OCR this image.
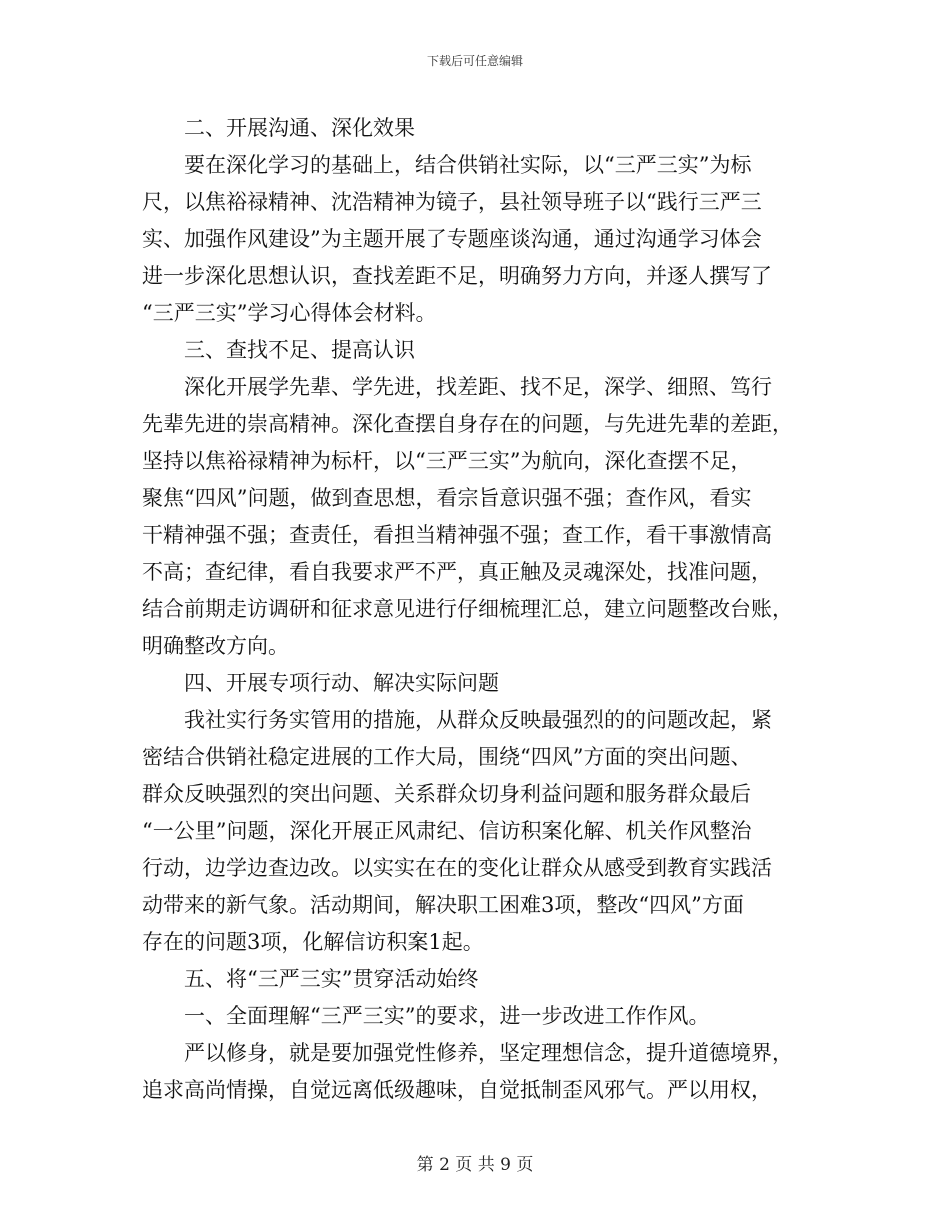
下载后可任意编辑
二、开展沟通、深化效果
要在深化学习的基础上，结合供销社实际，以“三严三实”为标
尺，以焦裕禄精神、沈浩精神为镜子，县社领导班子以“践行三严三
实、加强作风建设”为主题开展了专题座谈沟通，通过沟通学习体会
进一步深化思想认识，查找差距不足，明确努力方向，并逐人撰写了
“三严三实”学习心得体会材料。
三、查找不足、提高认识
深化开展学先辈、学先进，找差距、找不足，深学、细照、笃行
先辈先进的崇高精神。深化查摆自身存在的问题，与先进先辈的差距，
坚持以焦裕禄精神为标杆，以“三严三实”为航向，深化查摆不足，
聚焦“四风”问题，做到查思想，看宗旨意识强不强；查作风，看实
干精神强不强；查责任，看担当精神强不强；查工作，看干事激情高
不高；查纪律，看自我要求严不严，真正触及灵魂深处，找准问题，
结合前期走访调研和征求意见进行仔细梳理汇总，建立问题整改台账，
明确整改方向。
四、开展专项行动、解决实际问题
我社实行务实管用的措施，从群众反映最强烈的的问题改起，紧
密结合供销社稳定进展的工作大局，围绕“四风”方面的突出问题、
群众反映强烈的突出问题、关系群众切身利益问题和服务群众最后
“一公里”问题，深化开展正风肃纪、信访积案化解、机关作风整治
行动，边学边查边改。以实实在在的变化让群众从感受到教育实践活
动带来的新气象。活动期间，解决职工困难3项，整改“四风”方面
存在的问题3项，化解信访积案1起。
五、将“三严三实”贯穿活动始终
一、全面理解“三严三实”的要求，进一步改进工作作风。
严以修身，就是要加强党性修养，坚定理想信念，提升道德境界，
追求高尚情操，自觉远离低级趣味，自觉抵制歪风邪气。严以用权，
第 2 页 共 9 页
